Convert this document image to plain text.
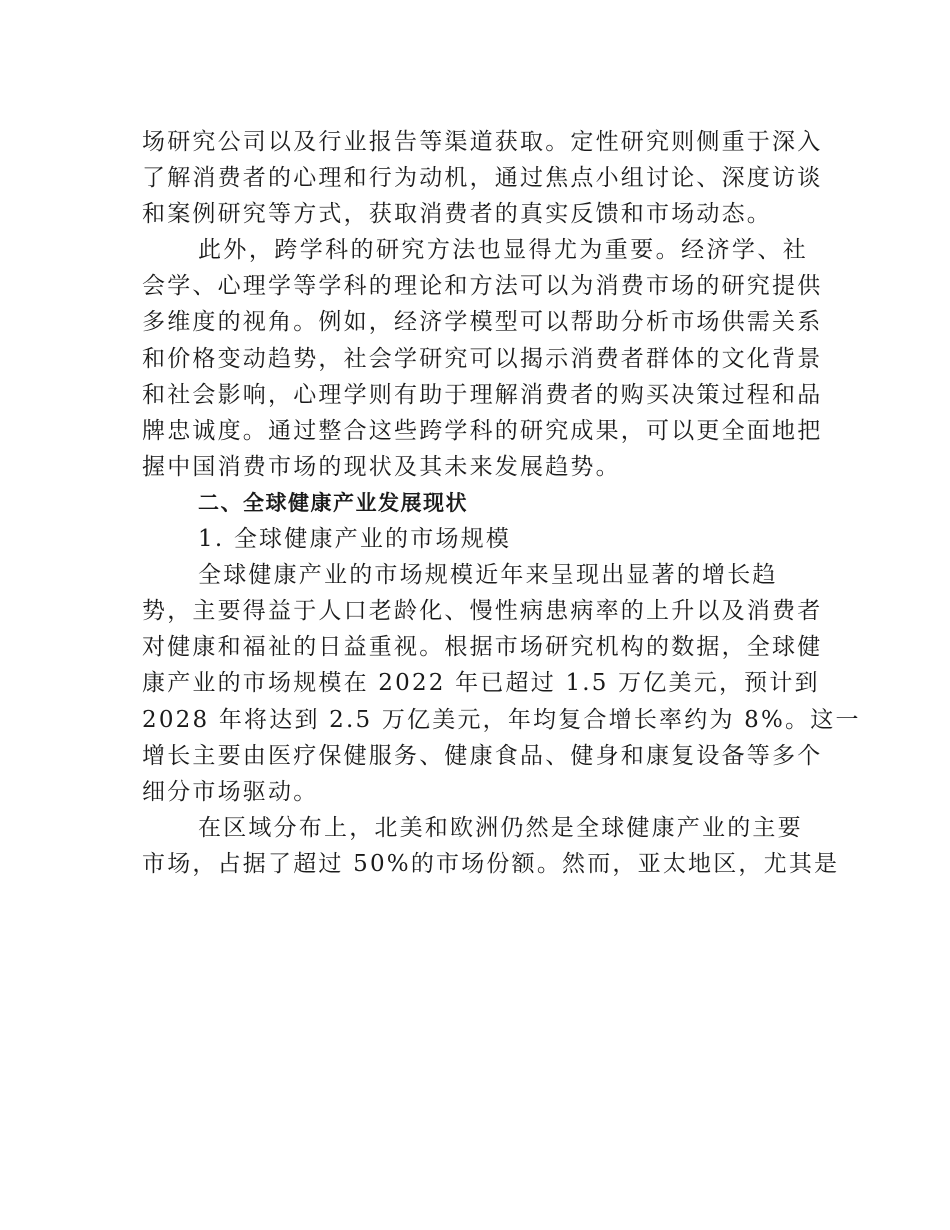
场研究公司以及行业报告等渠道获取。定性研究则侧重于深入
了解消费者的心理和行为动机，通过焦点小组讨论、深度访谈
和案例研究等方式，获取消费者的真实反馈和市场动态。
此外，跨学科的研究方法也显得尤为重要。经济学、社
会学、心理学等学科的理论和方法可以为消费市场的研究提供
多维度的视角。例如，经济学模型可以帮助分析市场供需关系
和价格变动趋势，社会学研究可以揭示消费者群体的文化背景
和社会影响，心理学则有助于理解消费者的购买决策过程和品
牌忠诚度。通过整合这些跨学科的研究成果，可以更全面地把
握中国消费市场的现状及其未来发展趋势。
二、全球健康产业发展现状
1. 全球健康产业的市场规模
全球健康产业的市场规模近年来呈现出显著的增长趋
势，主要得益于人口老龄化、慢性病患病率的上升以及消费者
对健康和福祉的日益重视。根据市场研究机构的数据，全球健
康产业的市场规模在 2022 年已超过 1.5 万亿美元，预计到
2028 年将达到 2.5 万亿美元，年均复合增长率约为 8%。这一
增长主要由医疗保健服务、健康食品、健身和康复设备等多个
细分市场驱动。
在区域分布上，北美和欧洲仍然是全球健康产业的主要
市场，占据了超过 50%的市场份额。然而，亚太地区，尤其是
